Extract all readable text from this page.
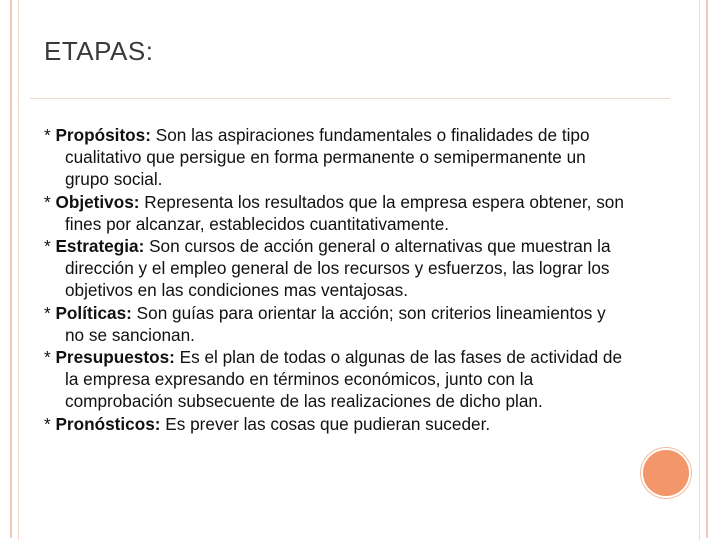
ETAPAS:
* Propósitos: Son las aspiraciones fundamentales o finalidades de tipo cualitativo que persigue en forma permanente o semipermanente un grupo social.
* Objetivos: Representa los resultados que la empresa espera obtener, son fines por alcanzar, establecidos cuantitativamente.
* Estrategia: Son cursos de acción general o alternativas que muestran la dirección y el empleo general de los recursos y esfuerzos, las lograr los objetivos en las condiciones mas ventajosas.
* Políticas: Son guías para orientar la acción; son criterios lineamientos y no se sancionan.
* Presupuestos: Es el plan de todas o algunas de las fases de actividad de la empresa expresando en términos económicos, junto con la comprobación subsecuente de las realizaciones de dicho plan.
* Pronósticos: Es prever las cosas que pudieran suceder.
